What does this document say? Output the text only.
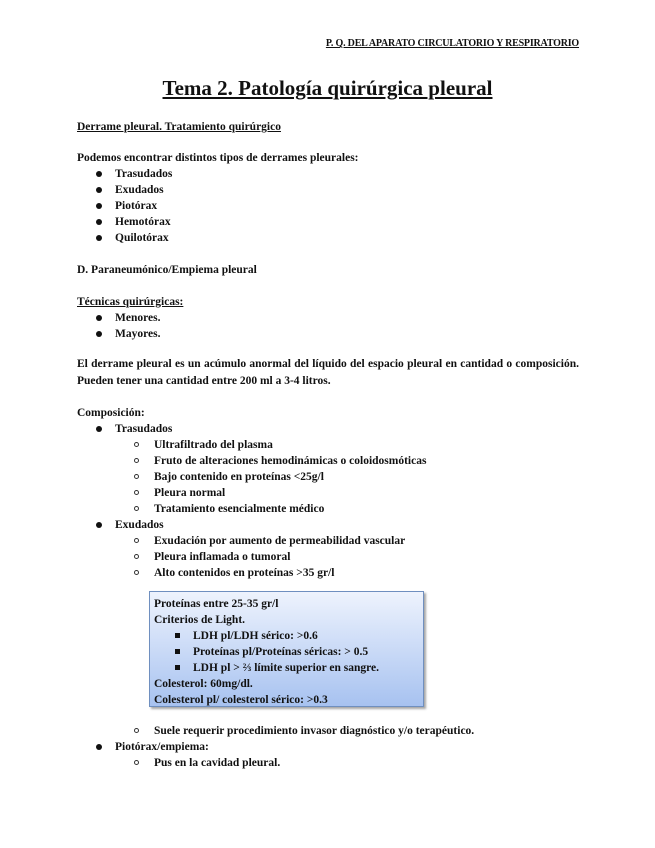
P. Q. DEL APARATO CIRCULATORIO Y RESPIRATORIO
Tema 2. Patología quirúrgica pleural
Derrame pleural. Tratamiento quirúrgico
Podemos encontrar distintos tipos de derrames pleurales:
Trasudados
Exudados
Piotórax
Hemotórax
Quilotórax
D. Paraneumónico/Empiema pleural
Técnicas quirúrgicas:
Menores.
Mayores.
El derrame pleural es un acúmulo anormal del líquido del espacio pleural en cantidad o composición. Pueden tener una cantidad entre 200 ml a 3-4 litros.
Composición:
Trasudados
Ultrafiltrado del plasma
Fruto de alteraciones hemodinámicas o coloidosmóticas
Bajo contenido en proteínas <25g/l
Pleura normal
Tratamiento esencialmente médico
Exudados
Exudación por aumento de permeabilidad vascular
Pleura inflamada o tumoral
Alto contenidos en proteínas >35 gr/l
Proteínas entre 25-35 gr/l
Criterios de Light.
LDH pl/LDH sérico: >0.6
Proteínas pl/Proteínas séricas: > 0.5
LDH pl > ⅔ límite superior en sangre.
Colesterol: 60mg/dl.
Colesterol pl/ colesterol sérico: >0.3
Suele requerir procedimiento invasor diagnóstico y/o terapéutico.
Piotórax/empiema:
Pus en la cavidad pleural.
